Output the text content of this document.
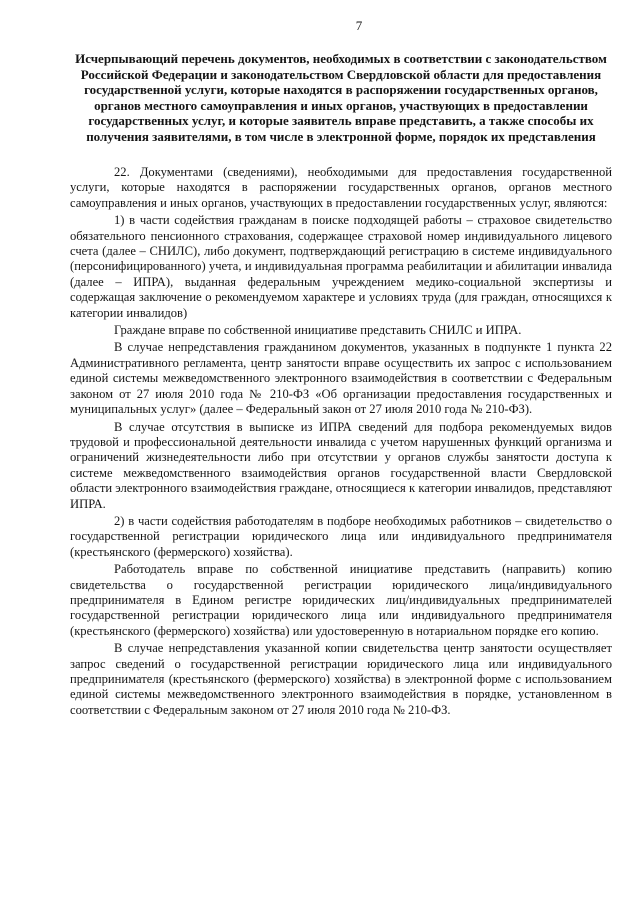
7
Исчерпывающий перечень документов, необходимых в соответствии с законодательством Российской Федерации и законодательством Свердловской области для предоставления государственной услуги, которые находятся в распоряжении государственных органов, органов местного самоуправления и иных органов, участвующих в предоставлении государственных услуг, и которые заявитель вправе представить, а также способы их получения заявителями, в том числе в электронной форме, порядок их представления

22. Документами (сведениями), необходимыми для предоставления государственной услуги, которые находятся в распоряжении государственных органов, органов местного самоуправления и иных органов, участвующих в предоставлении государственных услуг, являются:

1) в части содействия гражданам в поиске подходящей работы – страховое свидетельство обязательного пенсионного страхования, содержащее страховой номер индивидуального лицевого счета (далее – СНИЛС), либо документ, подтверждающий регистрацию в системе индивидуального (персонифицированного) учета, и индивидуальная программа реабилитации и абилитации инвалида (далее – ИПРА), выданная федеральным учреждением медико-социальной экспертизы и содержащая заключение о рекомендуемом характере и условиях труда (для граждан, относящихся к категории инвалидов)

Граждане вправе по собственной инициативе представить СНИЛС и ИПРА.

В случае непредставления гражданином документов, указанных в подпункте 1 пункта 22 Административного регламента, центр занятости вправе осуществить их запрос с использованием единой системы межведомственного электронного взаимодействия в соответствии с Федеральным законом от 27 июля 2010 года № 210-ФЗ «Об организации предоставления государственных и муниципальных услуг» (далее – Федеральный закон от 27 июля 2010 года № 210-ФЗ).

В случае отсутствия в выписке из ИПРА сведений для подбора рекомендуемых видов трудовой и профессиональной деятельности инвалида с учетом нарушенных функций организма и ограничений жизнедеятельности либо при отсутствии у органов службы занятости доступа к системе межведомственного взаимодействия органов государственной власти Свердловской области электронного взаимодействия граждане, относящиеся к категории инвалидов, представляют ИПРА.

2) в части содействия работодателям в подборе необходимых работников – свидетельство о государственной регистрации юридического лица или индивидуального предпринимателя (крестьянского (фермерского) хозяйства).

Работодатель вправе по собственной инициативе представить (направить) копию свидетельства о государственной регистрации юридического лица/индивидуального предпринимателя в Едином регистре юридических лиц/индивидуальных предпринимателей государственной регистрации юридического лица или индивидуального предпринимателя (крестьянского (фермерского) хозяйства) или удостоверенную в нотариальном порядке его копию.

В случае непредставления указанной копии свидетельства центр занятости осуществляет запрос сведений о государственной регистрации юридического лица или индивидуального предпринимателя (крестьянского (фермерского) хозяйства) в электронной форме с использованием единой системы межведомственного электронного взаимодействия в порядке, установленном в соответствии с Федеральным законом от 27 июля 2010 года № 210-ФЗ.
